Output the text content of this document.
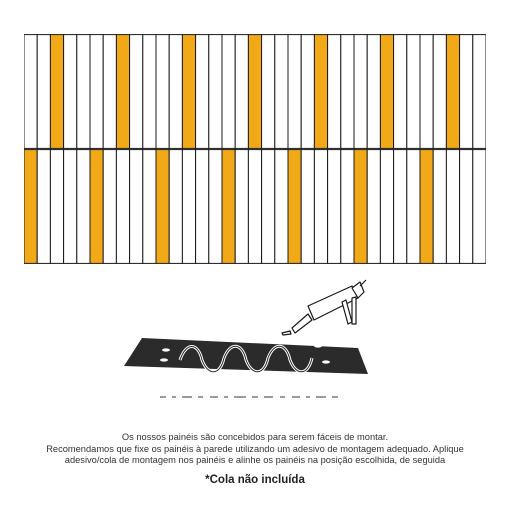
Os nossos painéis são concebidos para serem fáceis de montar.
Recomendamos que fixe os painéis à parede utilizando um adesivo de montagem adequado. Aplique
adesivo/cola de montagem nos painéis e alinhe os painéis na posição escolhida, de seguida
*Cola não incluída
